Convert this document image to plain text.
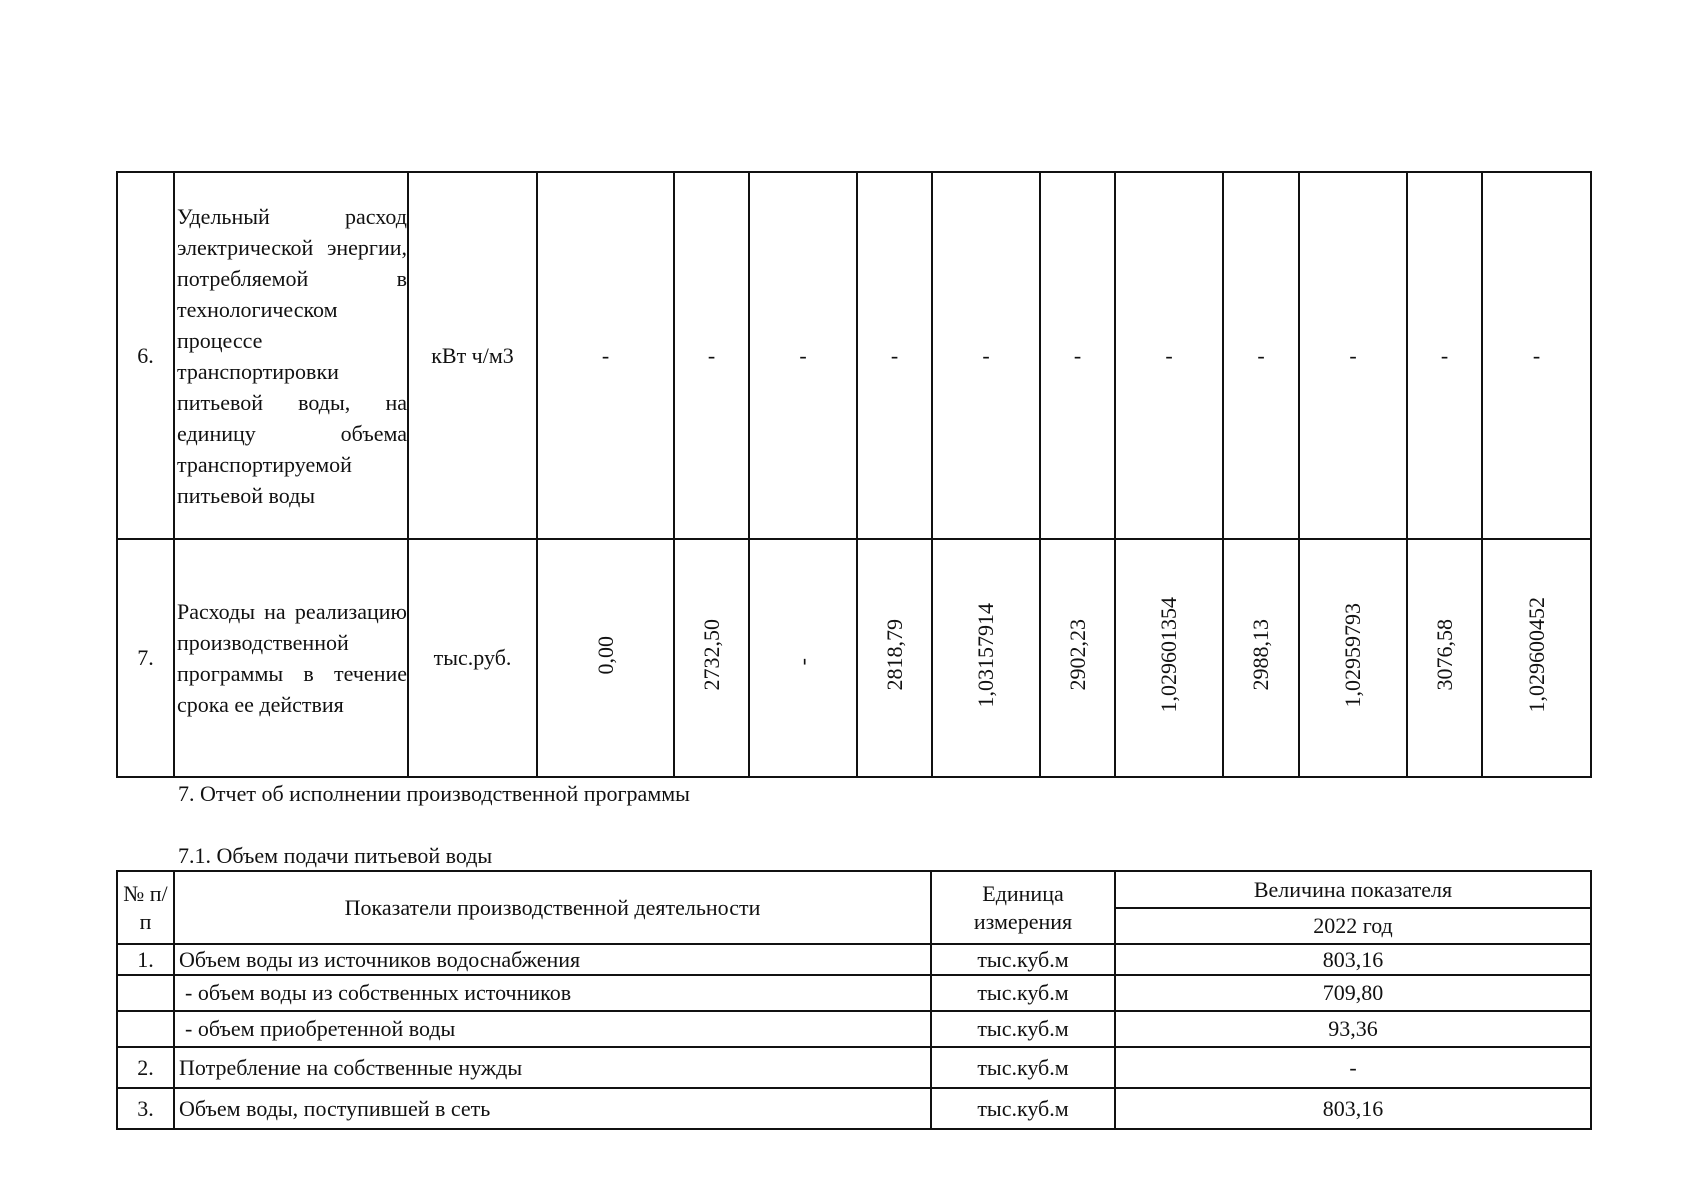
6.	Удельный расход электрической энергии, потребляемой в технологическом процессе транспортировки питьевой воды, на единицу объема транспортируемой питьевой воды	кВт ч/м3	-	-	-	-	-	-	-	-	-	-	-
7.	Расходы на реализацию производственной программы в течение срока ее действия	тыс.руб.	0,00	2732,50	-	2818,79	1,03157914	2902,23	1,029601354	2988,13	1,02959793	3076,58	1,029600452
7. Отчет об исполнении производственной программы
7.1. Объем подачи питьевой воды
№ п/п	Показатели производственной деятельности	Единица измерения	Величина показателя
			2022 год
1.	Объем воды из источников водоснабжения	тыс.куб.м	803,16
	- объем воды из собственных источников	тыс.куб.м	709,80
	- объем приобретенной воды	тыс.куб.м	93,36
2.	Потребление на собственные нужды	тыс.куб.м	-
3.	Объем воды, поступившей в сеть	тыс.куб.м	803,16
